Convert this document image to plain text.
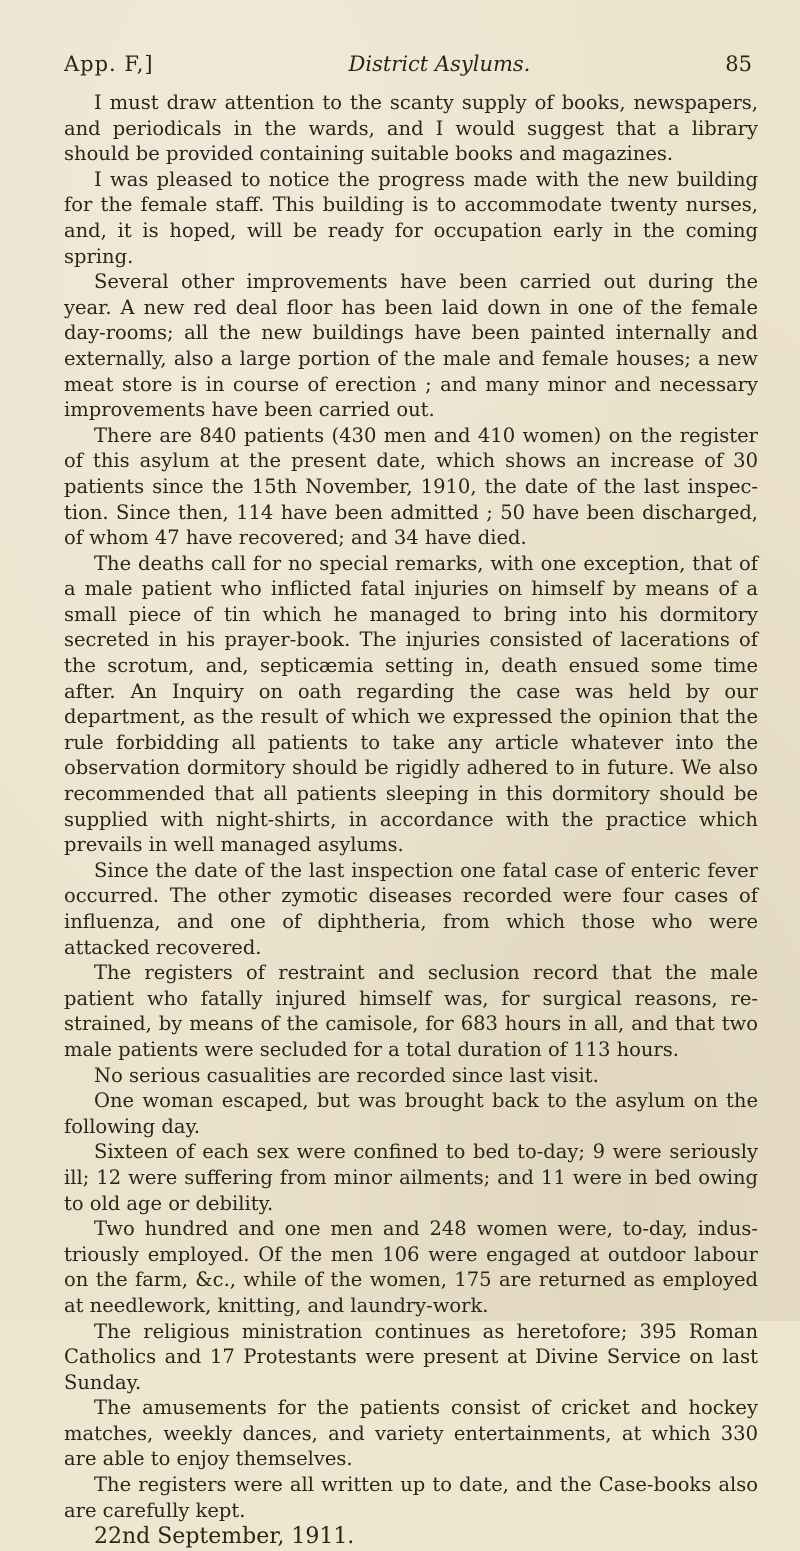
App. F,]	District Asylums.	85

I must draw attention to the scanty supply of books, newspapers, and periodicals in the wards, and I would suggest that a library should be provided containing suitable books and magazines.

I was pleased to notice the progress made with the new building for the female staff. This building is to accommodate twenty nurses, and, it is hoped, will be ready for occupation early in the coming spring.

Several other improvements have been carried out during the year. A new red deal floor has been laid down in one of the female day-rooms; all the new buildings have been painted internally and externally, also a large portion of the male and female houses; a new meat store is in course of erection ; and many minor and necessary improvements have been carried out.

There are 840 patients (430 men and 410 women) on the register of this asylum at the present date, which shows an increase of 30 patients since the 15th November, 1910, the date of the last inspec-tion. Since then, 114 have been admitted ; 50 have been discharged, of whom 47 have recovered; and 34 have died.

The deaths call for no special remarks, with one exception, that of a male patient who inflicted fatal injuries on himself by means of a small piece of tin which he managed to bring into his dormitory secreted in his prayer-book. The injuries consisted of lacerations of the scrotum, and, septicæmia setting in, death ensued some time after. An Inquiry on oath regarding the case was held by our department, as the result of which we expressed the opinion that the rule forbidding all patients to take any article whatever into the observation dormitory should be rigidly adhered to in future. We also recommended that all patients sleeping in this dormitory should be supplied with night-shirts, in accordance with the practice which prevails in well managed asylums.

Since the date of the last inspection one fatal case of enteric fever occurred. The other zymotic diseases recorded were four cases of influenza, and one of diphtheria, from which those who were attacked recovered.

The registers of restraint and seclusion record that the male patient who fatally injured himself was, for surgical reasons, re-strained, by means of the camisole, for 683 hours in all, and that two male patients were secluded for a total duration of 113 hours.

No serious casualities are recorded since last visit.

One woman escaped, but was brought back to the asylum on the following day.

Sixteen of each sex were confined to bed to-day; 9 were seriously ill; 12 were suffering from minor ailments; and 11 were in bed owing to old age or debility.

Two hundred and one men and 248 women were, to-day, indus-triously employed. Of the men 106 were engaged at outdoor labour on the farm, &c., while of the women, 175 are returned as employed at needlework, knitting, and laundry-work.

The religious ministration continues as heretofore; 395 Roman Catholics and 17 Protestants were present at Divine Service on last Sunday.

The amusements for the patients consist of cricket and hockey matches, weekly dances, and variety entertainments, at which 330 are able to enjoy themselves.

The registers were all written up to date, and the Case-books also are carefully kept.

22nd September, 1911.
